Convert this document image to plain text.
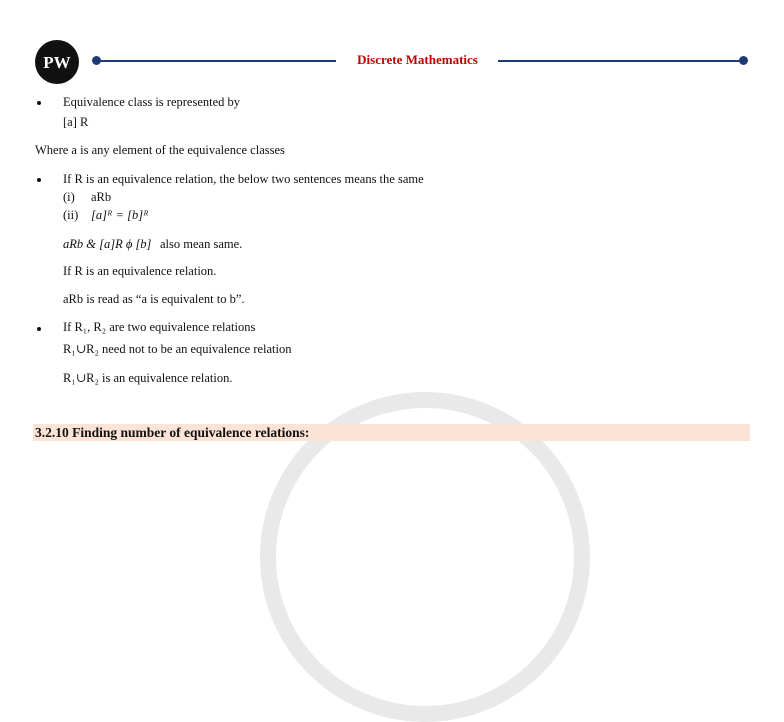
PW	Discrete Mathematics
Equivalence class is represented by
[a] R
Where a is any element of the equivalence classes
If R is an equivalence relation, the below two sentences means the same
(i) aRb
(ii) [a]ᴿ = [b]ᴿ
aRb & [a]R ϕ [b] also mean same.
If R is an equivalence relation.
aRb is read as “a is equivalent to b”.
If R₁, R₂ are two equivalence relations
R₁∪R₂ need not to be an equivalence relation
R₁∪R₂ is an equivalence relation.
3.2.10 Finding number of equivalence relations:
